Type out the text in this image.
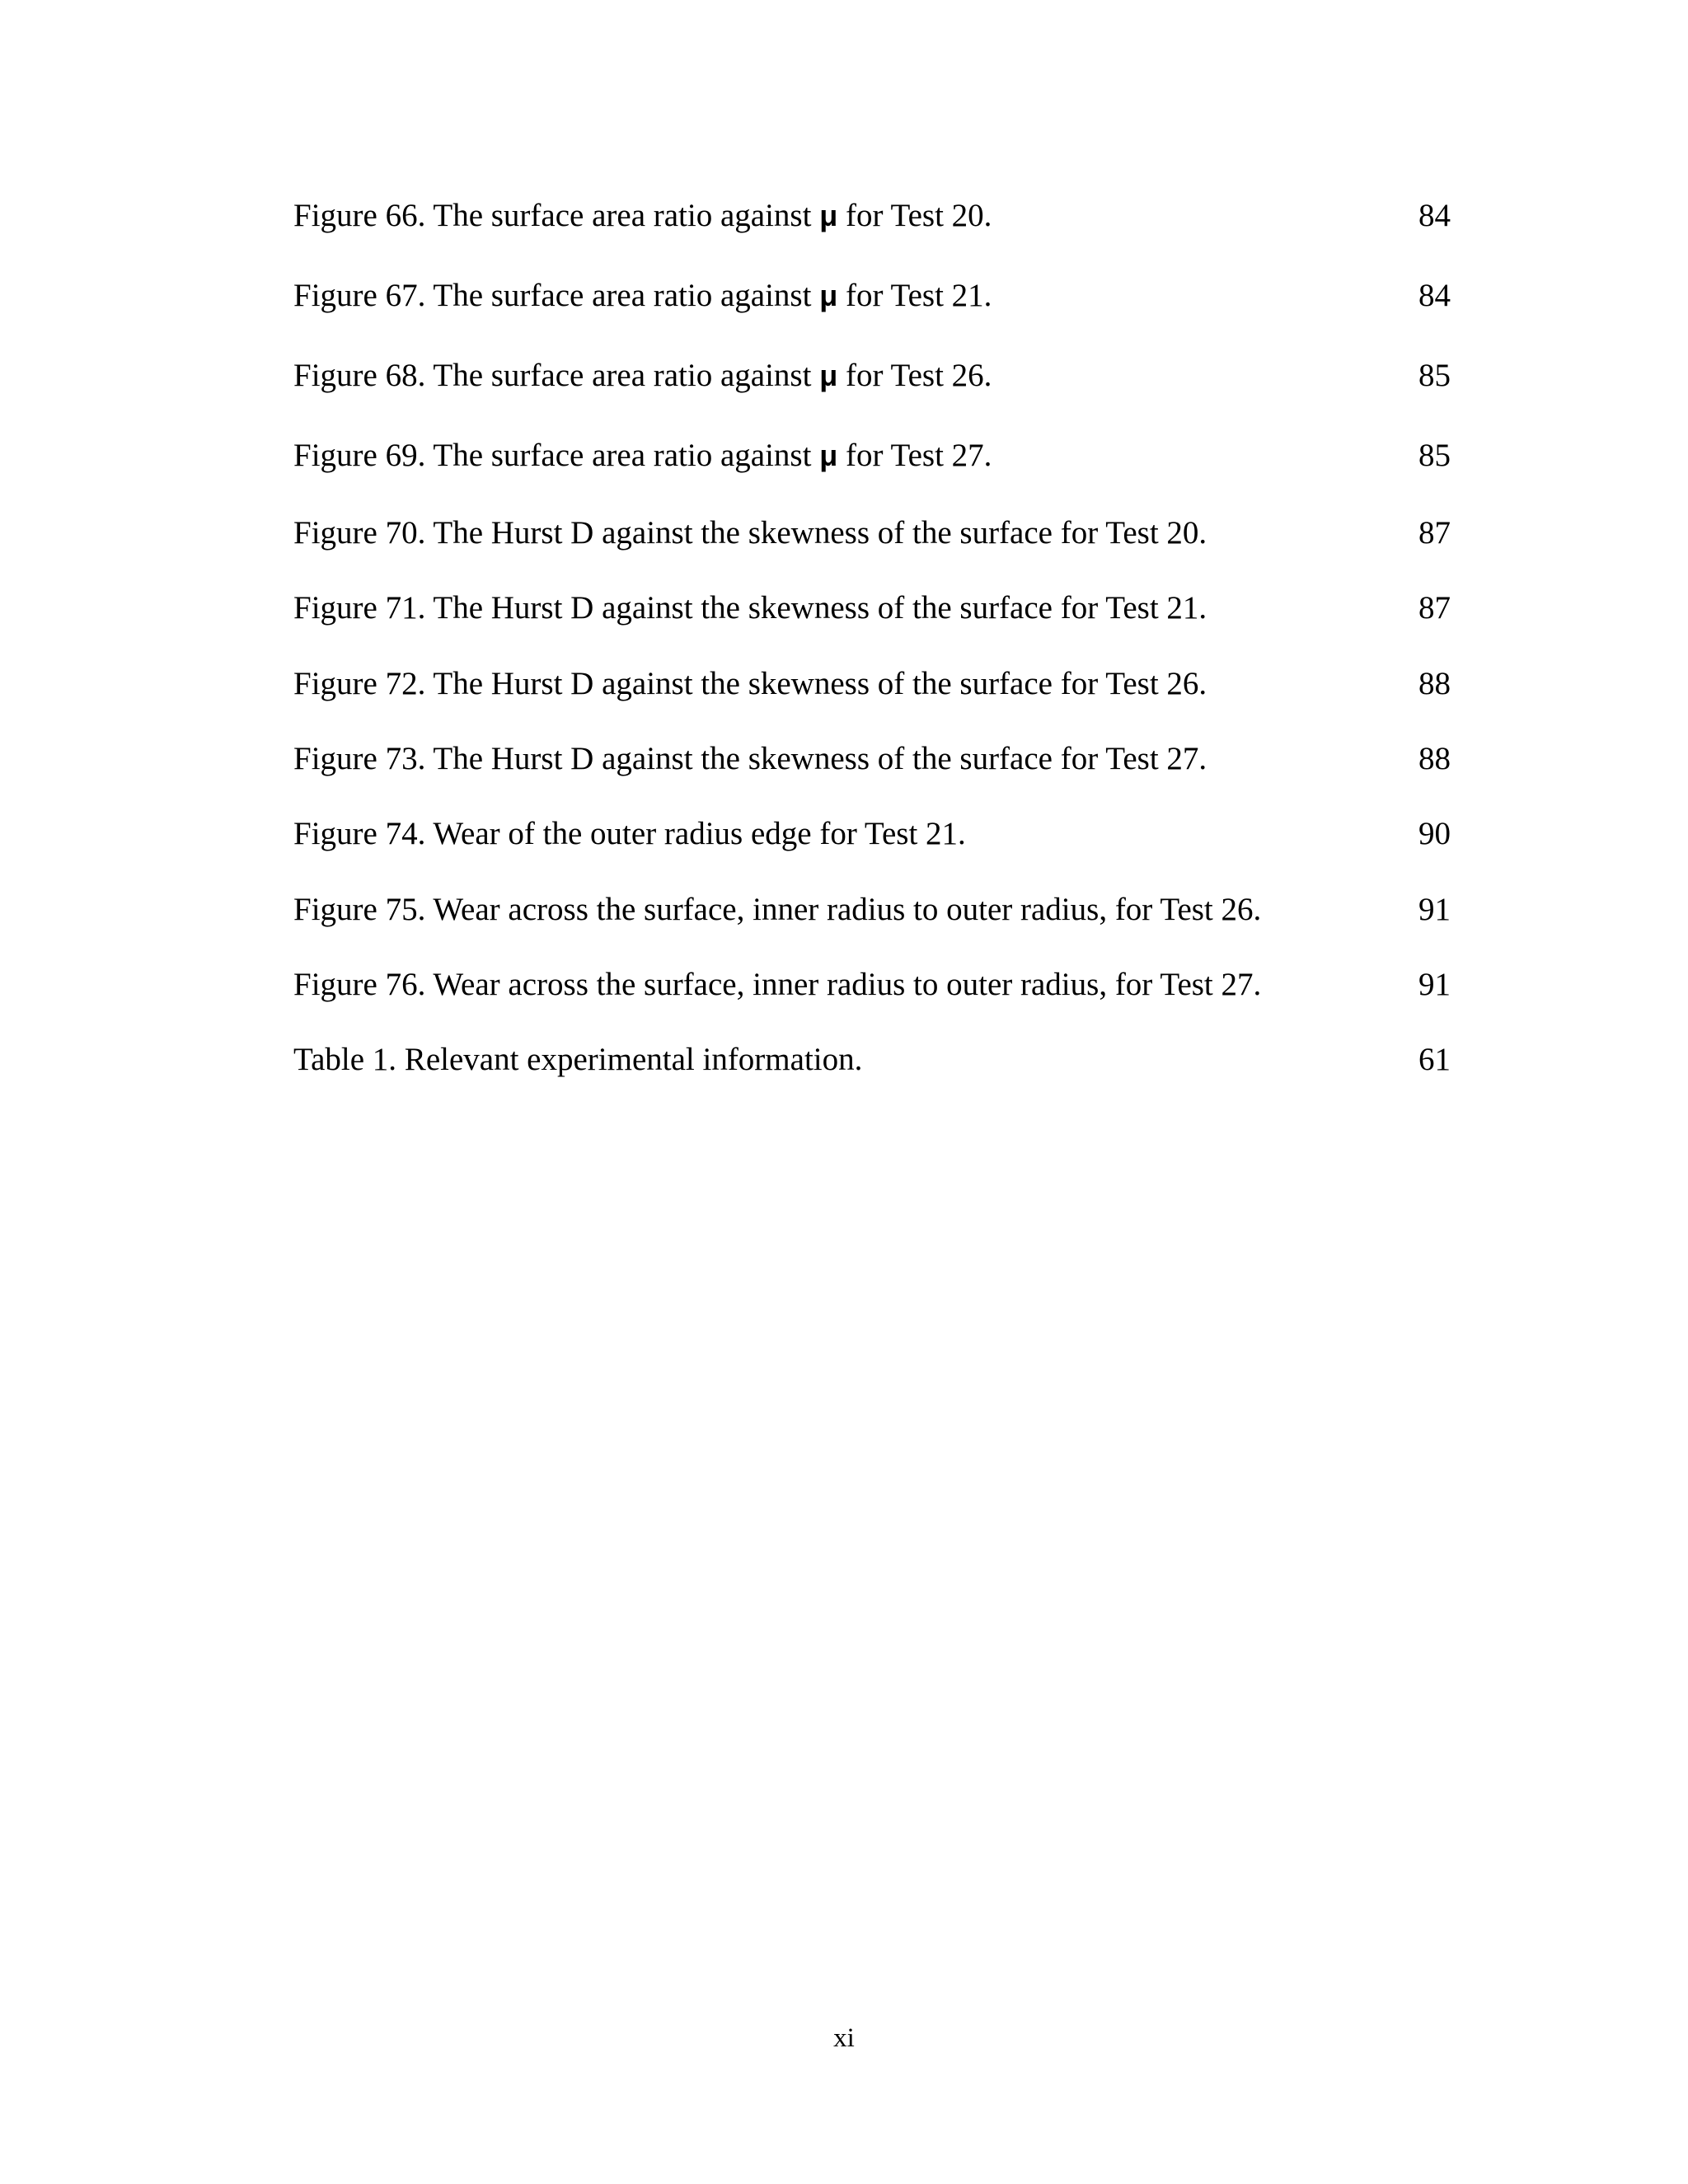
Figure 66. The surface area ratio against μ for Test 20.	84
Figure 67. The surface area ratio against μ for Test 21.	84
Figure 68. The surface area ratio against μ for Test 26.	85
Figure 69. The surface area ratio against μ for Test 27.	85
Figure 70. The Hurst D against the skewness of the surface for Test 20.	87
Figure 71. The Hurst D against the skewness of the surface for Test 21.	87
Figure 72. The Hurst D against the skewness of the surface for Test 26.	88
Figure 73. The Hurst D against the skewness of the surface for Test 27.	88
Figure 74. Wear of the outer radius edge for Test 21.	90
Figure 75. Wear across the surface, inner radius to outer radius, for Test 26.	91
Figure 76. Wear across the surface, inner radius to outer radius, for Test 27.	91
Table 1. Relevant experimental information.	61
xi
